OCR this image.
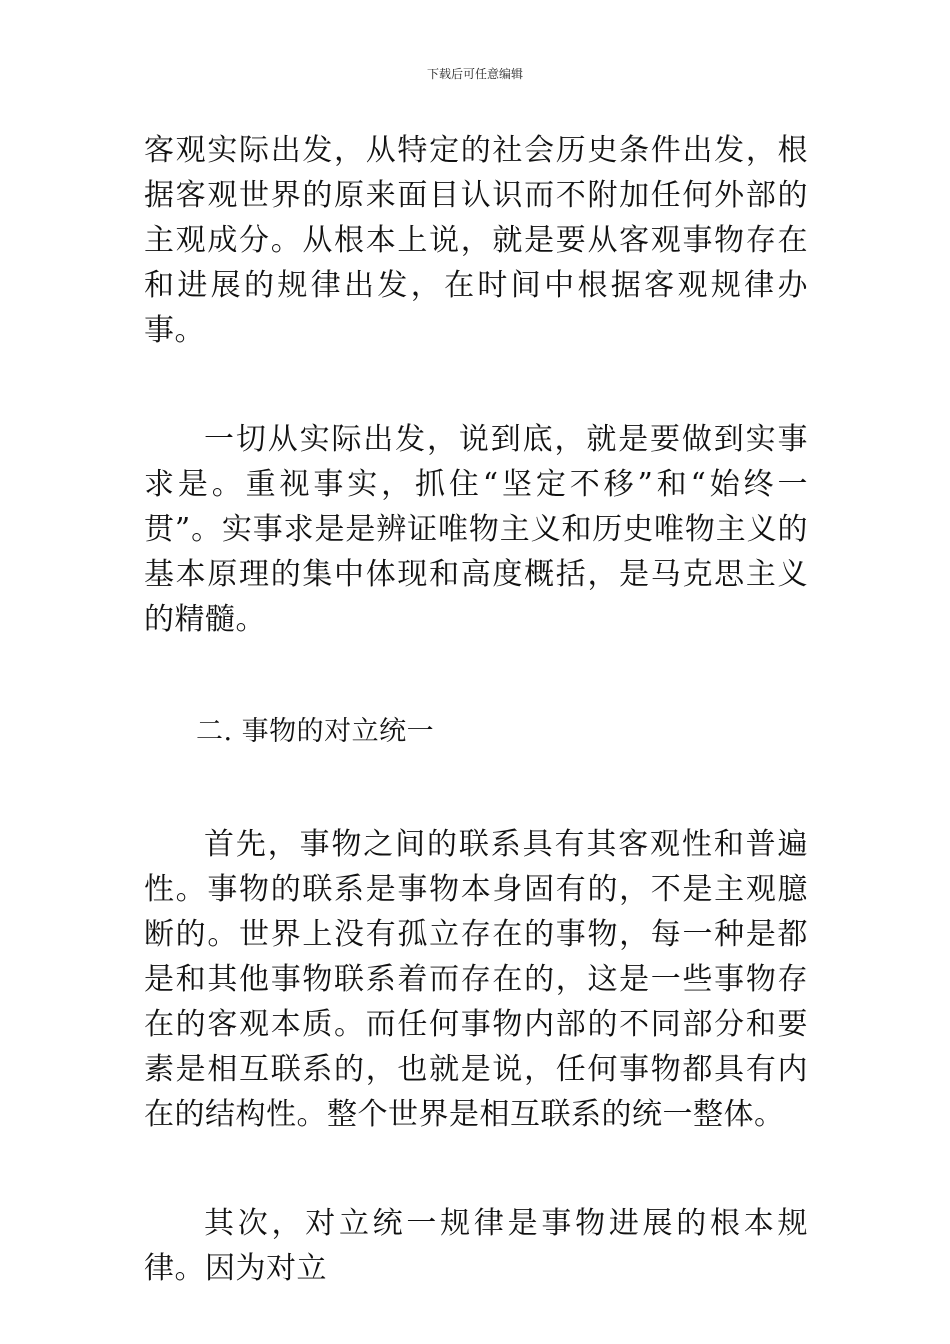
下载后可任意编辑

客观实际出发，从特定的社会历史条件出发，根据客观世界的原来面目认识而不附加任何外部的主观成分。从根本上说，就是要从客观事物存在和进展的规律出发，在时间中根据客观规律办事。

一切从实际出发，说到底，就是要做到实事求是。重视事实，抓住“坚定不移”和“始终一贯”。实事求是是辨证唯物主义和历史唯物主义的基本原理的集中体现和高度概括，是马克思主义的精髓。

二. 事物的对立统一

首先，事物之间的联系具有其客观性和普遍性。事物的联系是事物本身固有的，不是主观臆断的。世界上没有孤立存在的事物，每一种是都是和其他事物联系着而存在的，这是一些事物存在的客观本质。而任何事物内部的不同部分和要素是相互联系的，也就是说，任何事物都具有内在的结构性。整个世界是相互联系的统一整体。

其次，对立统一规律是事物进展的根本规律。因为对立
